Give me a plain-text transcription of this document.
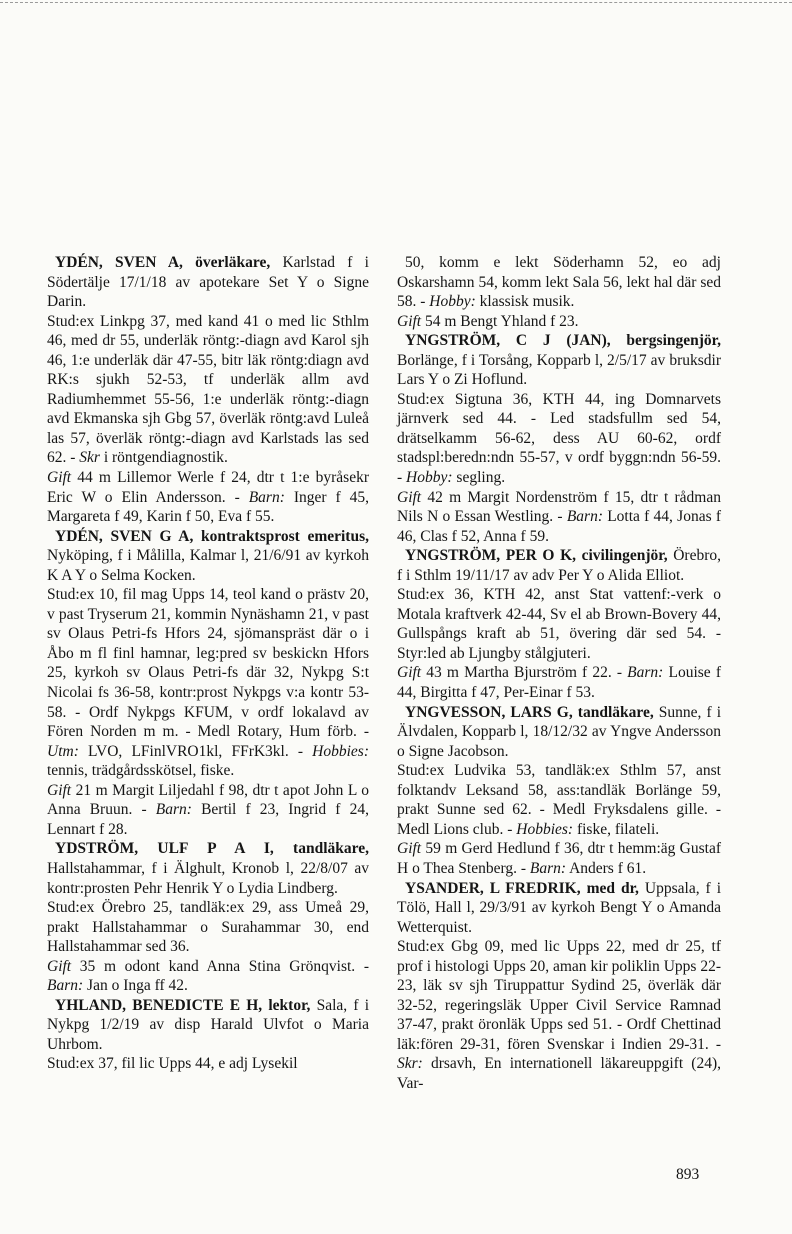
YDÉN, SVEN A, överläkare, Karlstad f i Södertälje 17/1/18 av apotekare Set Y o Signe Darin.

Stud:ex Linkpg 37, med kand 41 o med lic Sthlm 46, med dr 55, underläk röntg:-diagn avd Karol sjh 46, 1:e underläk där 47-55, bitr läk röntg:diagn avd RK:s sjukh 52-53, tf underläk allm avd Radiumhemmet 55-56, 1:e underläk röntg:-diagn avd Ekmanska sjh Gbg 57, överläk röntg:avd Luleå las 57, överläk röntg:-diagn avd Karlstads las sed 62. - Skr i röntgendiagnostik.

Gift 44 m Lillemor Werle f 24, dtr t 1:e byråsekr Eric W o Elin Andersson. - Barn: Inger f 45, Margareta f 49, Karin f 50, Eva f 55.

YDÉN, SVEN G A, kontraktsprost emeritus, Nyköping, f i Målilla, Kalmar l, 21/6/91 av kyrkoh K A Y o Selma Kocken.

Stud:ex 10, fil mag Upps 14, teol kand o prästv 20, v past Tryserum 21, kommin Nynäshamn 21, v past sv Olaus Petri-fs Hfors 24, sjömanspräst där o i Åbo m fl finl hamnar, leg:pred sv beskickn Hfors 25, kyrkoh sv Olaus Petri-fs där 32, Nykpg S:t Nicolai fs 36-58, kontr:prost Nykpgs v:a kontr 53-58. - Ordf Nykpgs KFUM, v ordf lokalavd av Fören Norden m m. - Medl Rotary, Hum förb. - Utm: LVO, LFinlVRO1kl, FFrK3kl. - Hobbies: tennis, trädgårdsskötsel, fiske.

Gift 21 m Margit Liljedahl f 98, dtr t apot John L o Anna Bruun. - Barn: Bertil f 23, Ingrid f 24, Lennart f 28.

YDSTRÖM, ULF P A I, tandläkare, Hallstahammar, f i Älghult, Kronob l, 22/8/07 av kontr:prosten Pehr Henrik Y o Lydia Lindberg.

Stud:ex Örebro 25, tandläk:ex 29, ass Umeå 29, prakt Hallstahammar o Surahammar 30, end Hallstahammar sed 36.

Gift 35 m odont kand Anna Stina Grönqvist. - Barn: Jan o Inga ff 42.

YHLAND, BENEDICTE E H, lektor, Sala, f i Nykpg 1/2/19 av disp Harald Ulvfot o Maria Uhrbom.

Stud:ex 37, fil lic Upps 44, e adj Lysekil

50, komm e lekt Söderhamn 52, eo adj Oskarshamn 54, komm lekt Sala 56, lekt hal där sed 58. - Hobby: klassisk musik.

Gift 54 m Bengt Yhland f 23.

YNGSTRÖM, C J (JAN), bergsingenjör, Borlänge, f i Torsång, Kopparb l, 2/5/17 av bruksdir Lars Y o Zi Hoflund.

Stud:ex Sigtuna 36, KTH 44, ing Domnarvets järnverk sed 44. - Led stadsfullm sed 54, drätselkamm 56-62, dess AU 60-62, ordf stadspl:beredn:ndn 55-57, v ordf byggn:ndn 56-59. - Hobby: segling.

Gift 42 m Margit Nordenström f 15, dtr t rådman Nils N o Essan Westling. - Barn: Lotta f 44, Jonas f 46, Clas f 52, Anna f 59.

YNGSTRÖM, PER O K, civilingenjör, Örebro, f i Sthlm 19/11/17 av adv Per Y o Alida Elliot.

Stud:ex 36, KTH 42, anst Stat vattenf:-verk o Motala kraftverk 42-44, Sv el ab Brown-Bovery 44, Gullspångs kraft ab 51, övering där sed 54. - Styr:led ab Ljungby stålgjuteri.

Gift 43 m Martha Bjurström f 22. - Barn: Louise f 44, Birgitta f 47, Per-Einar f 53.

YNGVESSON, LARS G, tandläkare, Sunne, f i Älvdalen, Kopparb l, 18/12/32 av Yngve Andersson o Signe Jacobson.

Stud:ex Ludvika 53, tandläk:ex Sthlm 57, anst folktandv Leksand 58, ass:tandläk Borlänge 59, prakt Sunne sed 62. - Medl Fryksdalens gille. - Medl Lions club. - Hobbies: fiske, filateli.

Gift 59 m Gerd Hedlund f 36, dtr t hemm:äg Gustaf H o Thea Stenberg. - Barn: Anders f 61.

YSANDER, L FREDRIK, med dr, Uppsala, f i Tölö, Hall l, 29/3/91 av kyrkoh Bengt Y o Amanda Wetterquist.

Stud:ex Gbg 09, med lic Upps 22, med dr 25, tf prof i histologi Upps 20, aman kir poliklin Upps 22-23, läk sv sjh Tiruppattur Sydind 25, överläk där 32-52, regeringsläk Upper Civil Service Ramnad 37-47, prakt öronläk Upps sed 51. - Ordf Chettinad läk:fören 29-31, fören Svenskar i Indien 29-31. - Skr: drsavh, En internationell läkareuppgift (24), Var-

893
